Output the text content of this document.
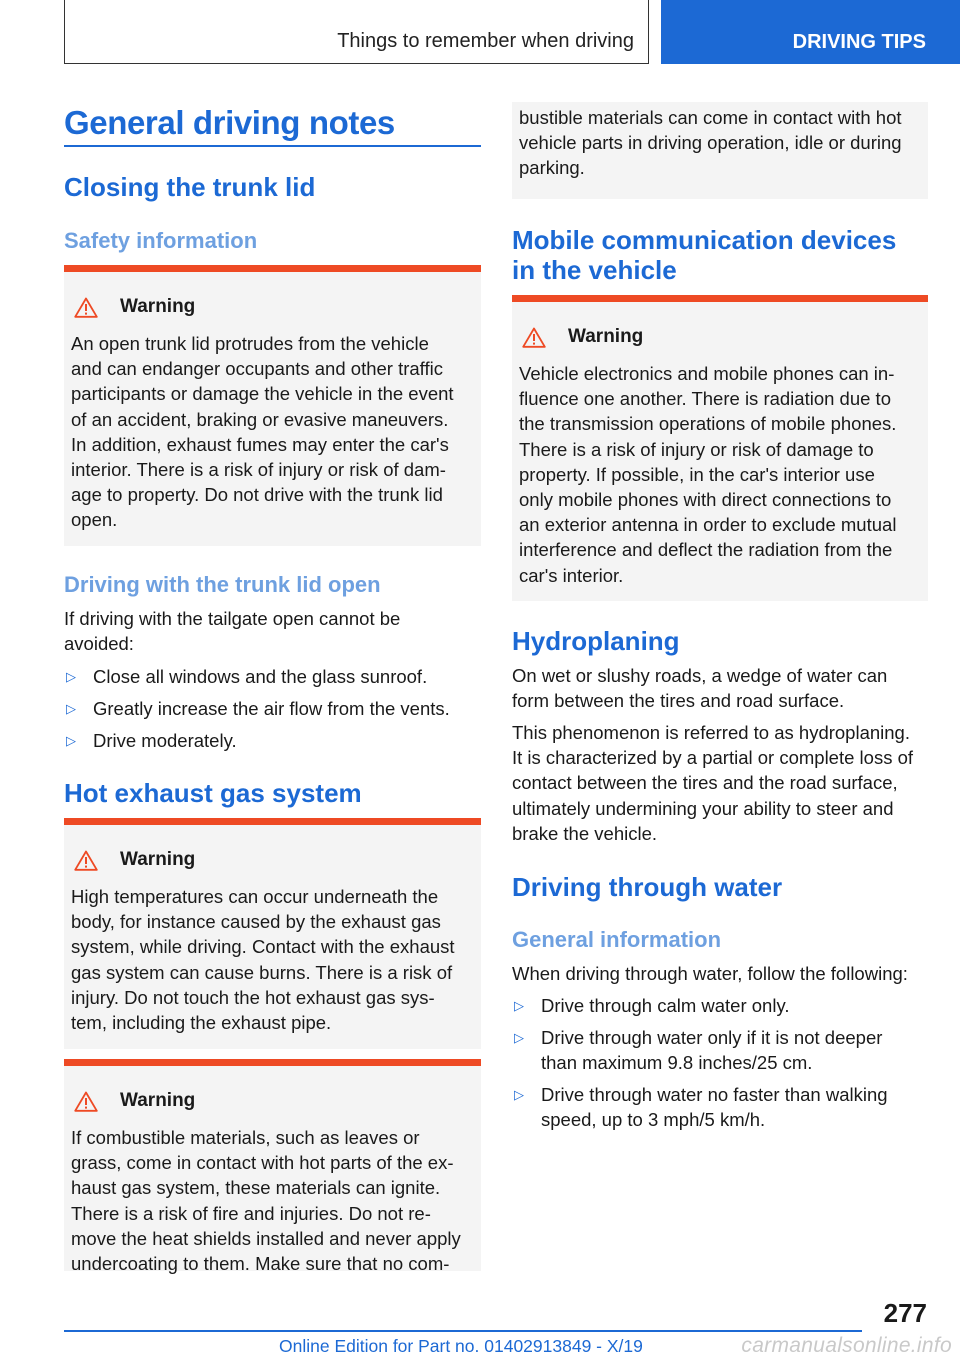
Things to remember when driving	DRIVING TIPS
General driving notes
Closing the trunk lid
Safety information
Warning
An open trunk lid protrudes from the vehicle
and can endanger occupants and other traffic
participants or damage the vehicle in the event
of an accident, braking or evasive maneuvers.
In addition, exhaust fumes may enter the car's
interior. There is a risk of injury or risk of dam‐
age to property. Do not drive with the trunk lid
open.
Driving with the trunk lid open
If driving with the tailgate open cannot be
avoided:
▷ Close all windows and the glass sunroof.
▷ Greatly increase the air flow from the vents.
▷ Drive moderately.
Hot exhaust gas system
Warning
High temperatures can occur underneath the
body, for instance caused by the exhaust gas
system, while driving. Contact with the exhaust
gas system can cause burns. There is a risk of
injury. Do not touch the hot exhaust gas sys‐
tem, including the exhaust pipe.
Warning
If combustible materials, such as leaves or
grass, come in contact with hot parts of the ex‐
haust gas system, these materials can ignite.
There is a risk of fire and injuries. Do not re‐
move the heat shields installed and never apply
undercoating to them. Make sure that no com‐
bustible materials can come in contact with hot
vehicle parts in driving operation, idle or during
parking.
Mobile communication devices
in the vehicle
Warning
Vehicle electronics and mobile phones can in‐
fluence one another. There is radiation due to
the transmission operations of mobile phones.
There is a risk of injury or risk of damage to
property. If possible, in the car's interior use
only mobile phones with direct connections to
an exterior antenna in order to exclude mutual
interference and deflect the radiation from the
car's interior.
Hydroplaning
On wet or slushy roads, a wedge of water can
form between the tires and road surface.
This phenomenon is referred to as hydroplaning.
It is characterized by a partial or complete loss of
contact between the tires and the road surface,
ultimately undermining your ability to steer and
brake the vehicle.
Driving through water
General information
When driving through water, follow the following:
▷ Drive through calm water only.
▷ Drive through water only if it is not deeper
than maximum 9.8 inches/25 cm.
▷ Drive through water no faster than walking
speed, up to 3 mph/5 km/h.
277
Online Edition for Part no. 01402913849 - X/19	carmanualsonline.info
